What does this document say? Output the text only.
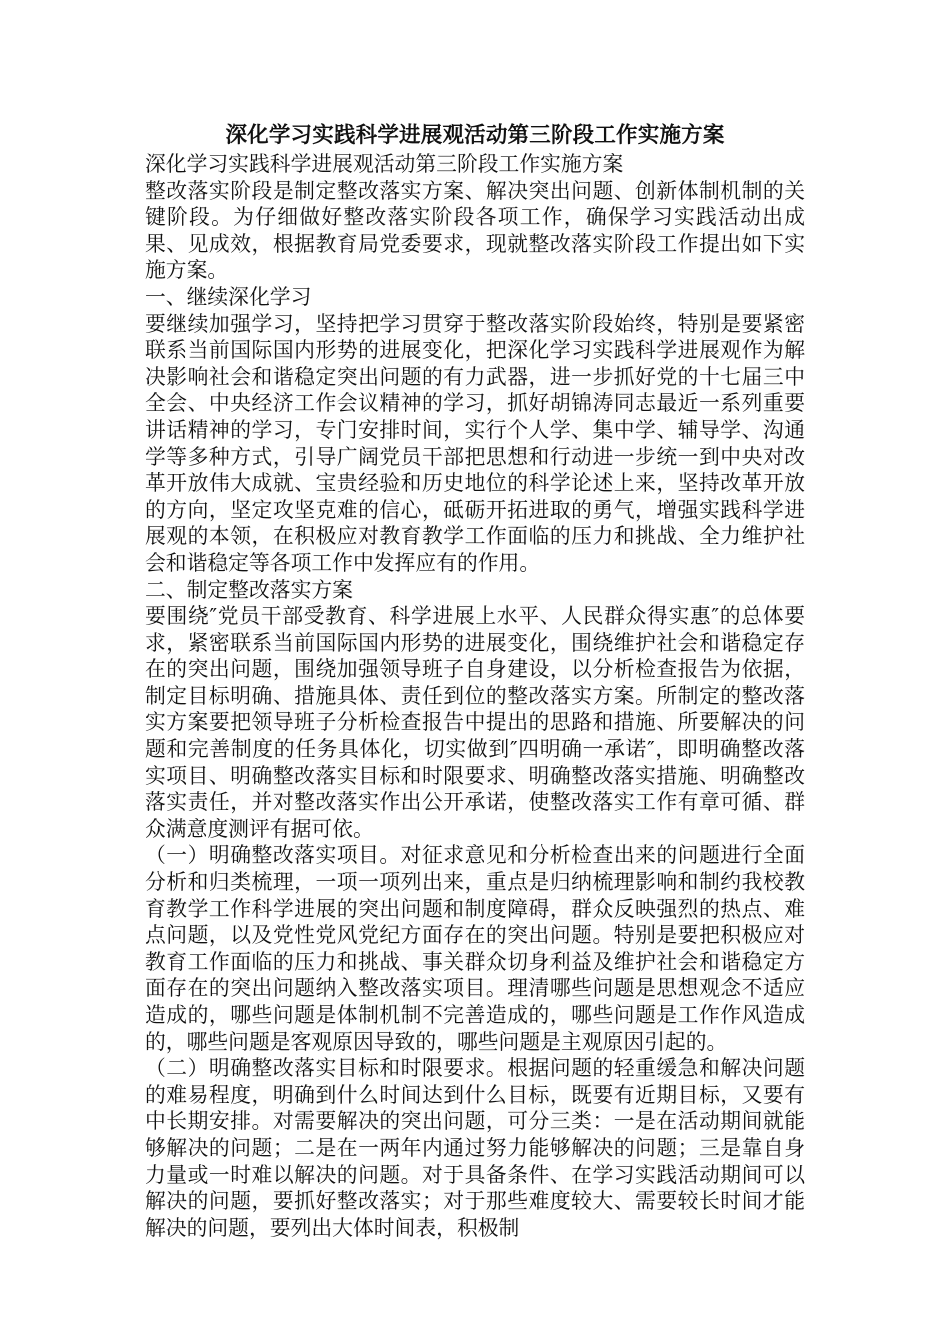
深化学习实践科学进展观活动第三阶段工作实施方案

深化学习实践科学进展观活动第三阶段工作实施方案

整改落实阶段是制定整改落实方案、解决突出问题、创新体制机制的关键阶段。为仔细做好整改落实阶段各项工作，确保学习实践活动出成果、见成效，根据教育局党委要求，现就整改落实阶段工作提出如下实施方案。

一、继续深化学习

要继续加强学习，坚持把学习贯穿于整改落实阶段始终，特别是要紧密联系当前国际国内形势的进展变化，把深化学习实践科学进展观作为解决影响社会和谐稳定突出问题的有力武器，进一步抓好党的十七届三中全会、中央经济工作会议精神的学习，抓好胡锦涛同志最近一系列重要讲话精神的学习，专门安排时间，实行个人学、集中学、辅导学、沟通学等多种方式，引导广阔党员干部把思想和行动进一步统一到中央对改革开放伟大成就、宝贵经验和历史地位的科学论述上来，坚持改革开放的方向，坚定攻坚克难的信心，砥砺开拓进取的勇气，增强实践科学进展观的本领，在积极应对教育教学工作面临的压力和挑战、全力维护社会和谐稳定等各项工作中发挥应有的作用。

二、制定整改落实方案

要围绕″党员干部受教育、科学进展上水平、人民群众得实惠″的总体要求，紧密联系当前国际国内形势的进展变化，围绕维护社会和谐稳定存在的突出问题，围绕加强领导班子自身建设，以分析检查报告为依据，制定目标明确、措施具体、责任到位的整改落实方案。所制定的整改落实方案要把领导班子分析检查报告中提出的思路和措施、所要解决的问题和完善制度的任务具体化，切实做到″四明确一承诺″，即明确整改落实项目、明确整改落实目标和时限要求、明确整改落实措施、明确整改落实责任，并对整改落实作出公开承诺，使整改落实工作有章可循、群众满意度测评有据可依。

（一）明确整改落实项目。对征求意见和分析检查出来的问题进行全面分析和归类梳理，一项一项列出来，重点是归纳梳理影响和制约我校教育教学工作科学进展的突出问题和制度障碍，群众反映强烈的热点、难点问题，以及党性党风党纪方面存在的突出问题。特别是要把积极应对教育工作面临的压力和挑战、事关群众切身利益及维护社会和谐稳定方面存在的突出问题纳入整改落实项目。理清哪些问题是思想观念不适应造成的，哪些问题是体制机制不完善造成的，哪些问题是工作作风造成的，哪些问题是客观原因导致的，哪些问题是主观原因引起的。

（二）明确整改落实目标和时限要求。根据问题的轻重缓急和解决问题的难易程度，明确到什么时间达到什么目标，既要有近期目标，又要有中长期安排。对需要解决的突出问题，可分三类：一是在活动期间就能够解决的问题；二是在一两年内通过努力能够解决的问题；三是靠自身力量或一时难以解决的问题。对于具备条件、在学习实践活动期间可以解决的问题，要抓好整改落实；对于那些难度较大、需要较长时间才能解决的问题，要列出大体时间表，积极制
